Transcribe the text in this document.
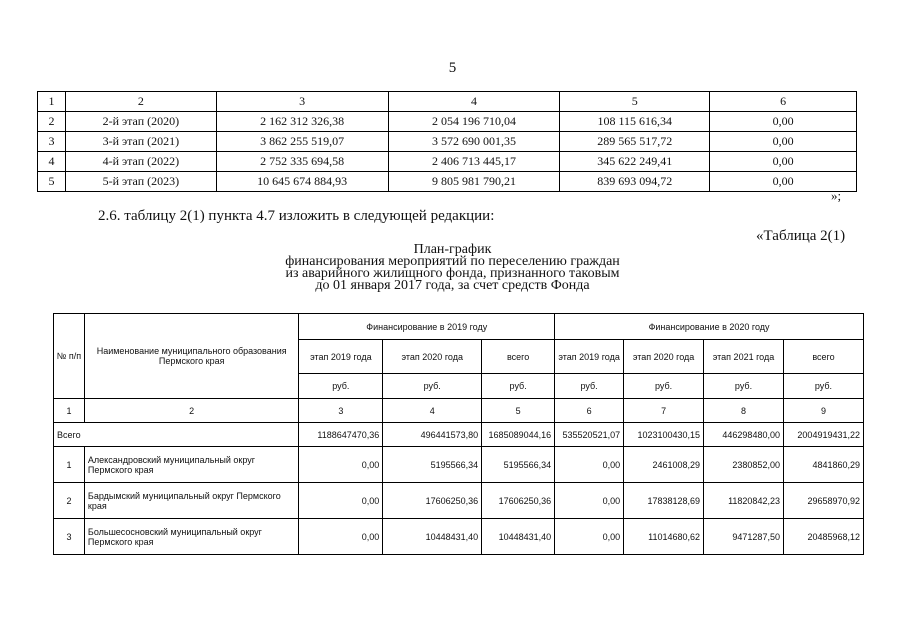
5
1	2	3	4	5	6
2	2-й этап (2020)	2 162 312 326,38	2 054 196 710,04	108 115 616,34	0,00
3	3-й этап (2021)	3 862 255 519,07	3 572 690 001,35	289 565 517,72	0,00
4	4-й этап (2022)	2 752 335 694,58	2 406 713 445,17	345 622 249,41	0,00
5	5-й этап (2023)	10 645 674 884,93	9 805 981 790,21	839 693 094,72	0,00
»;
2.6. таблицу 2(1) пункта 4.7 изложить в следующей редакции:
«Таблица 2(1)
План-график
финансирования мероприятий по переселению граждан
из аварийного жилищного фонда, признанного таковым
до 01 января 2017 года, за счет средств Фонда
№ п/п	Наименование муниципального образования Пермского края	Финансирование в 2019 году			Финансирование в 2020 году			
		этап 2019 года	этап 2020 года	всего	этап 2019 года	этап 2020 года	этап 2021 года	всего
		руб.	руб.	руб.	руб.	руб.	руб.	руб.
1	2	3	4	5	6	7	8	9
Всего		1188647470,36	496441573,80	1685089044,16	535520521,07	1023100430,15	446298480,00	2004919431,22
1	Александровский муниципальный округ Пермского края	0,00	5195566,34	5195566,34	0,00	2461008,29	2380852,00	4841860,29
2	Бардымский муниципальный округ Пермского края	0,00	17606250,36	17606250,36	0,00	17838128,69	11820842,23	29658970,92
3	Большесосновский муниципальный округ Пермского края	0,00	10448431,40	10448431,40	0,00	11014680,62	9471287,50	20485968,12
